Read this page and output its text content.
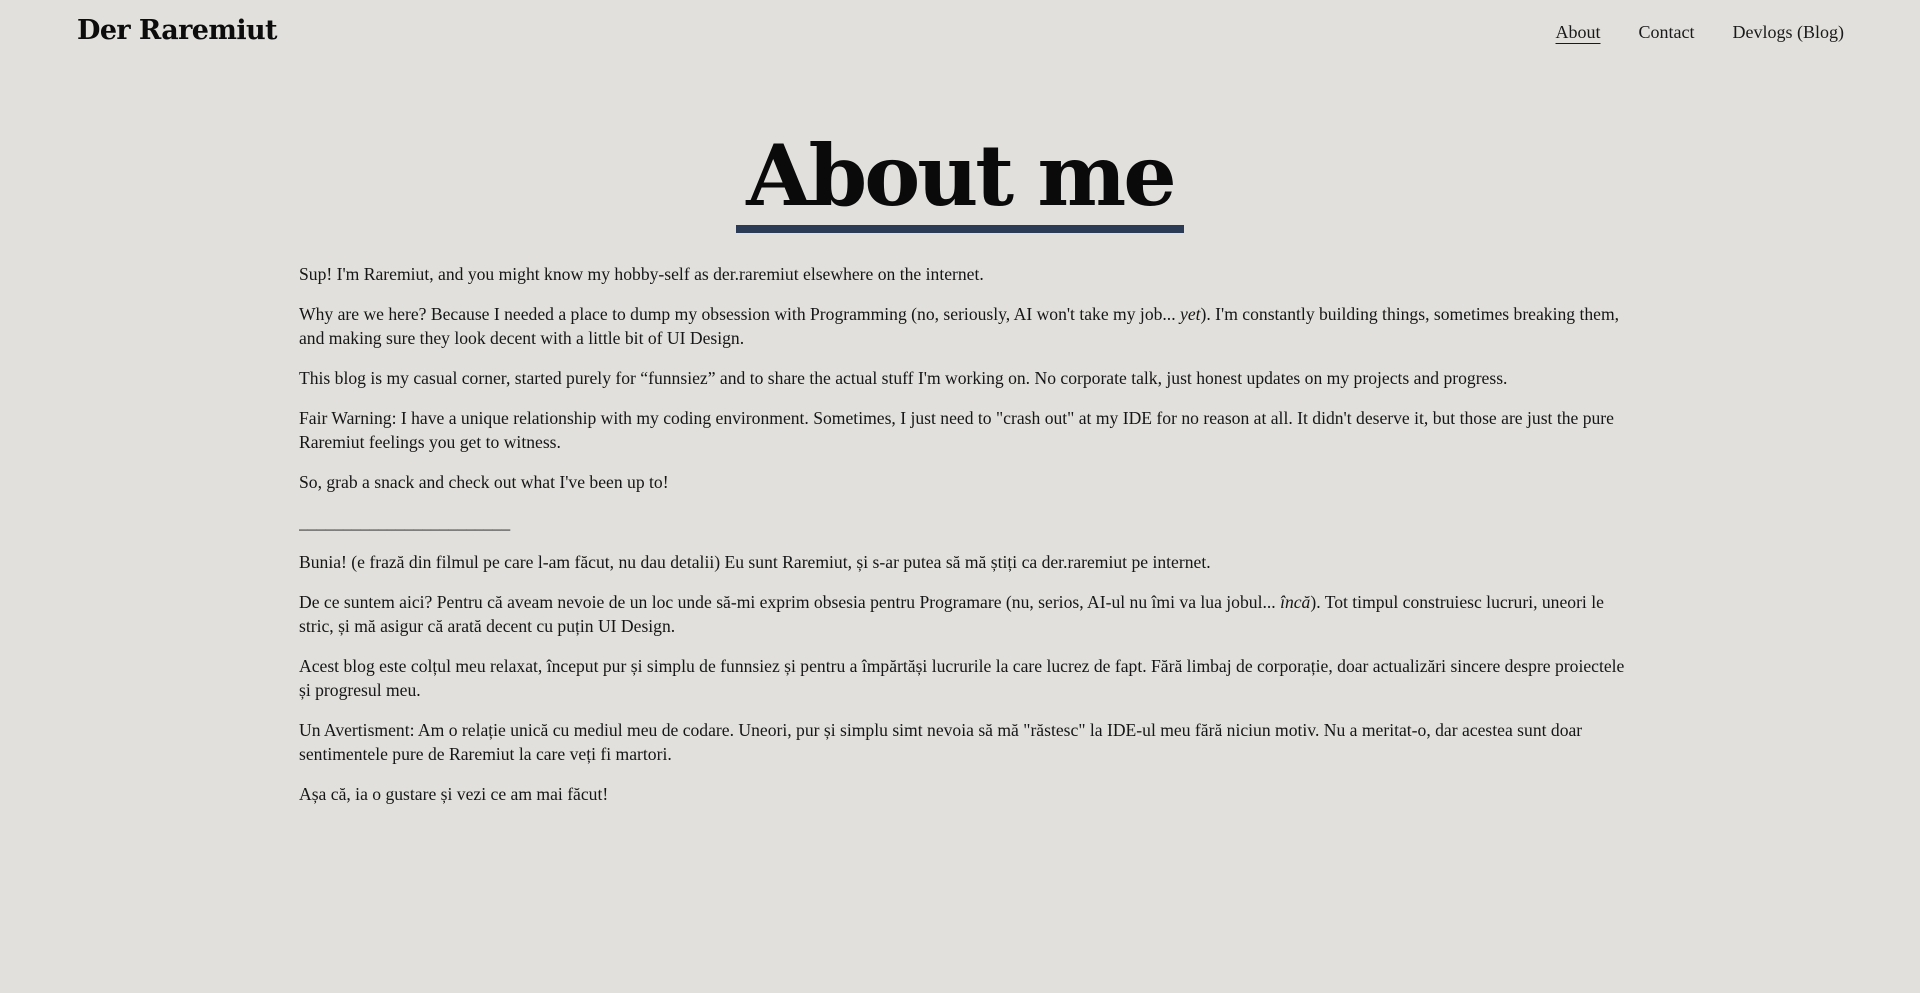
Der Raremiut	About Contact Devlogs (Blog)
About me

Sup! I'm Raremiut, and you might know my hobby-self as der.raremiut elsewhere on the internet.

Why are we here? Because I needed a place to dump my obsession with Programming (no, seriously, AI won't take my job... yet). I'm constantly building things, sometimes breaking them, and making sure they look decent with a little bit of UI Design.

This blog is my casual corner, started purely for “funnsiez” and to share the actual stuff I'm working on. No corporate talk, just honest updates on my projects and progress.

Fair Warning: I have a unique relationship with my coding environment. Sometimes, I just need to "crash out" at my IDE for no reason at all. It didn't deserve it, but those are just the pure Raremiut feelings you get to witness.

So, grab a snack and check out what I've been up to!

________________________

Bunia! (e frază din filmul pe care l-am făcut, nu dau detalii) Eu sunt Raremiut, și s-ar putea să mă știți ca der.raremiut pe internet.

De ce suntem aici? Pentru că aveam nevoie de un loc unde să-mi exprim obsesia pentru Programare (nu, serios, AI-ul nu îmi va lua jobul... încă). Tot timpul construiesc lucruri, uneori le stric, și mă asigur că arată decent cu puțin UI Design.

Acest blog este colțul meu relaxat, început pur și simplu de funnsiez și pentru a împărtăși lucrurile la care lucrez de fapt. Fără limbaj de corporație, doar actualizări sincere despre proiectele și progresul meu.

Un Avertisment: Am o relație unică cu mediul meu de codare. Uneori, pur și simplu simt nevoia să mă "răstesc" la IDE-ul meu fără niciun motiv. Nu a meritat-o, dar acestea sunt doar sentimentele pure de Raremiut la care veți fi martori.

Așa că, ia o gustare și vezi ce am mai făcut!
